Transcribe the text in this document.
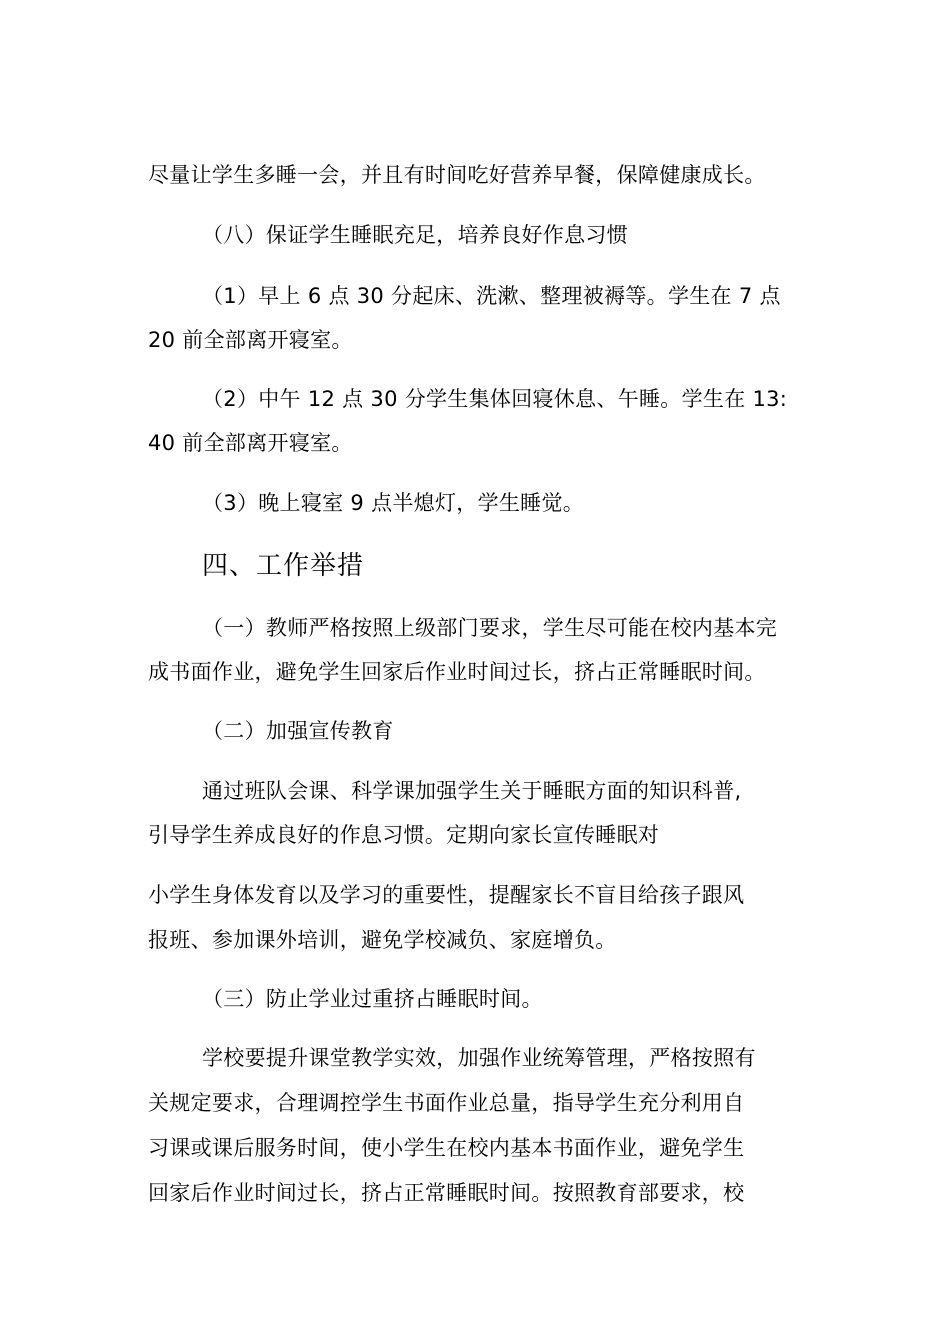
尽量让学生多睡一会，并且有时间吃好营养早餐，保障健康成长。
（八）保证学生睡眠充足，培养良好作息习惯
（1）早上 6 点 30 分起床、洗漱、整理被褥等。学生在 7 点
20 前全部离开寝室。
（2）中午 12 点 30 分学生集体回寝休息、午睡。学生在 13:
40 前全部离开寝室。
（3）晚上寝室 9 点半熄灯，学生睡觉。
四、工作举措
（一）教师严格按照上级部门要求，学生尽可能在校内基本完
成书面作业，避免学生回家后作业时间过长，挤占正常睡眠时间。
（二）加强宣传教育
通过班队会课、科学课加强学生关于睡眠方面的知识科普,
引导学生养成良好的作息习惯。定期向家长宣传睡眠对
小学生身体发育以及学习的重要性，提醒家长不盲目给孩子跟风
报班、参加课外培训，避免学校减负、家庭增负。
（三）防止学业过重挤占睡眠时间。
学校要提升课堂教学实效，加强作业统筹管理，严格按照有
关规定要求，合理调控学生书面作业总量，指导学生充分利用自
习课或课后服务时间，使小学生在校内基本书面作业，避免学生
回家后作业时间过长，挤占正常睡眠时间。按照教育部要求，校
